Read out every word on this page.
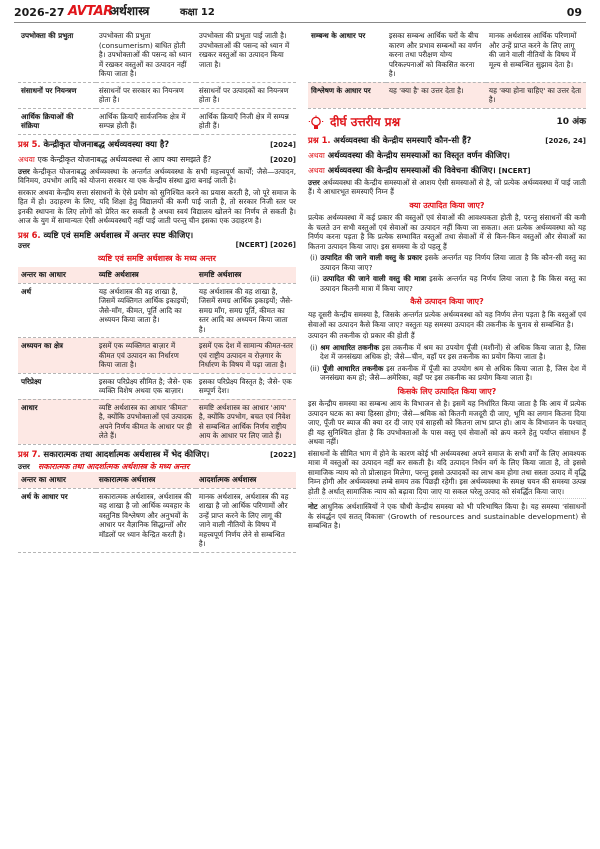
2026-27 AVTAR
अर्थशास्त्र	कक्षा 12	09
उपभोक्ता की प्रभुता	उपभोक्ता की प्रभुता (consumerism) बाधित होती है। उपभोक्ताओं की पसन्द को ध्यान में रखकर वस्तुओं का उत्पादन नहीं किया जाता है।	उपभोक्ता की प्रभुता पाई जाती है। उपभोक्ताओं की पसन्द को ध्यान में रखकर वस्तुओं का उत्पादन किया जाता है।
संसाधनों पर नियन्त्रण	संसाधनों पर सरकार का नियन्त्रण होता है।	संसाधनों पर उत्पादकों का नियन्त्रण होता है।
आर्थिक क्रियाओं की संक्रिया	आर्थिक क्रियाएँ सार्वजनिक क्षेत्र में सम्पन्न होती हैं।	आर्थिक क्रियाएँ निजी क्षेत्र में सम्पन्न होती हैं।
प्रश्न 5. केन्द्रीकृत योजनाबद्ध अर्थव्यवस्था क्या है?	[2024]
अथवा एक केन्द्रीकृत योजनाबद्ध अर्थव्यवस्था से आप क्या समझते हैं?	[2020]
उत्तर केन्द्रीकृत योजनाबद्ध अर्थव्यवस्था के अन्तर्गत अर्थव्यवस्था के सभी महत्त्वपूर्ण कार्यों; जैसे—उत्पादन, विनिमय, उपभोग आदि को योजना सरकार या एक केन्द्रीय संस्था द्वारा बनाई जाती है।
सरकार अथवा केन्द्रीय सत्ता संसाधनों के ऐसे प्रयोग को सुनिश्चित करने का प्रयास करती है, जो पूरे समाज के हित में हो। उदाहरण के लिए, यदि शिक्षा हेतु विद्यालयों की कमी पाई जाती है, तो सरकार निजी स्तर पर इनकी स्थापना के लिए लोगों को प्रेरित कर सकती है अथवा स्वयं विद्यालय खोलने का निर्णय ले सकती है। आज के युग में सामान्यतः ऐसी अर्थव्यवस्थाएँ नहीं पाई जाती परन्तु चीन इसका एक उदाहरण है।
प्रश्न 6. व्यष्टि एवं समष्टि अर्थशास्त्र में अन्तर स्पष्ट कीजिए।
उत्तर	[NCERT] [2026]
व्यष्टि एवं समष्टि अर्थशास्त्र के मध्य अन्तर
अन्तर का आधार	व्यष्टि अर्थशास्त्र	समष्टि अर्थशास्त्र
अर्थ	यह अर्थशास्त्र की वह शाखा है, जिसमें व्यक्तिगत आर्थिक इकाइयों; जैसे-माँग, कीमत, पूर्ति आदि का अध्ययन किया जाता है।	यह अर्थशास्त्र की वह शाखा है, जिसमें समग्र आर्थिक इकाइयों; जैसे-समग्र माँग, समग्र पूर्ति, कीमत का स्तर आदि का अध्ययन किया जाता है।
अध्ययन का क्षेत्र	इसमें एक व्यक्तिगत बाज़ार में कीमत एवं उत्पादन का निर्धारण किया जाता है।	इसमें एक देश में सामान्य कीमत-स्तर एवं राष्ट्रीय उत्पादन व रोज़गार के निर्धारण के विषय में पढ़ा जाता है।
परिप्रेक्ष्य	इसका परिप्रेक्ष्य सीमित है; जैसे- एक व्यक्ति विशेष अथवा एक बाज़ार।	इसका परिप्रेक्ष्य विस्तृत है; जैसे- एक सम्पूर्ण देश।
आधार	व्यष्टि अर्थशास्त्र का आधार 'कीमत' है, क्योंकि उपभोक्ताओं एवं उत्पादक अपने निर्णय कीमत के आधार पर ही लेते हैं।	समष्टि अर्थशास्त्र का आधार 'आय' है, क्योंकि उपभोग, बचत एवं निवेश से सम्बन्धित आर्थिक निर्णय राष्ट्रीय आय के आधार पर लिए जाते हैं।
प्रश्न 7. सकारात्मक तथा आदर्शात्मक अर्थशास्त्र में भेद कीजिए।	[2022]
उत्तर सकारात्मक तथा आदर्शात्मक अर्थशास्त्र के मध्य अन्तर
अन्तर का आधार	सकारात्मक अर्थशास्त्र	आदर्शात्मक अर्थशास्त्र
अर्थ के आधार पर	सकारात्मक अर्थशास्त्र, अर्थशास्त्र की वह शाखा है जो आर्थिक व्यवहार के वस्तुनिष्ठ विश्लेषण और अनुभवों के आधार पर वैज्ञानिक सिद्धान्तों और मॉडलों पर ध्यान केन्द्रित करती है।	मानक अर्थशास्त्र, अर्थशास्त्र की वह शाखा है जो आर्थिक परिणामों और उन्हें प्राप्त करने के लिए लागू की जाने वाली नीतियों के विषय में महत्त्वपूर्ण निर्णय लेने से सम्बन्धित है।
सम्बन्ध के आधार पर	इसका सम्बन्ध आर्थिक चरों के बीच कारण और प्रभाव सम्बन्धों का वर्णन करना तथा परीक्षण योग्य परिकल्पनाओं को विकसित करना है।	मानक अर्थशास्त्र आर्थिक परिणामों और उन्हें प्राप्त करने के लिए लागू की जाने वाली नीतियों के विषय में मूल्य से सम्बन्धित सुझाव देता है।
विश्लेषण के आधार पर	यह 'क्या है' का उत्तर देता है।	यह 'क्या होना चाहिए' का उत्तर देता है।
दीर्घ उत्तरीय प्रश्न	10 अंक
प्रश्न 1. अर्थव्यवस्था की केन्द्रीय समस्याएँ कौन-सी हैं?	[2026, 24]
अथवा अर्थव्यवस्था की केन्द्रीय समस्याओं का विस्तृत वर्णन कीजिए।
अथवा अर्थव्यवस्था की केन्द्रीय समस्याओं की विवेचना कीजिए। [NCERT]
उत्तर अर्थव्यवस्था की केन्द्रीय समस्याओं से आशय ऐसी समस्याओं से है, जो प्रत्येक अर्थव्यवस्था में पाई जाती हैं। ये आधारभूत समस्याएँ निम्न हैं
क्या उत्पादित किया जाए?
प्रत्येक अर्थव्यवस्था में कई प्रकार की वस्तुओं एवं सेवाओं की आवश्यकता होती है, परन्तु संसाधनों की कमी के चलते उन सभी वस्तुओं एवं सेवाओं का उत्पादन नहीं किया जा सकता। अतः प्रत्येक अर्थव्यवस्था को यह निर्णय करना पड़ता है कि प्रत्येक सम्भावित वस्तुओं तथा सेवाओं में से किन-किन वस्तुओं और सेवाओं का कितना उत्पादन किया जाए। इस समस्या के दो पहलू हैं
(i) उत्पादित की जाने वाली वस्तु के प्रकार इसके अन्तर्गत यह निर्णय लिया जाता है कि कौन-सी वस्तु का उत्पादन किया जाए?
(ii) उत्पादित की जाने वाली वस्तु की मात्रा इसके अन्तर्गत यह निर्णय लिया जाता है कि किस वस्तु का उत्पादन कितनी मात्रा में किया जाए?
कैसे उत्पादन किया जाए?
यह दूसरी केन्द्रीय समस्या है, जिसके अन्तर्गत प्रत्येक अर्थव्यवस्था को यह निर्णय लेना पड़ता है कि वस्तुओं एवं सेवाओं का उत्पादन कैसे किया जाए? वस्तुतः यह समस्या उत्पादन की तकनीक के चुनाव से सम्बन्धित है।
उत्पादन की तकनीक दो प्रकार की होती हैं
(i) श्रम आधारित तकनीक इस तकनीक में श्रम का उपयोग पूँजी (मशीनों) से अधिक किया जाता है, जिस देश में जनसंख्या अधिक हो; जैसे—चीन, वहाँ पर इस तकनीक का प्रयोग किया जाता है।
(ii) पूँजी आधारित तकनीक इस तकनीक में पूँजी का उपयोग श्रम से अधिक किया जाता है, जिस देश में जनसंख्या कम हो; जैसे—अमेरिका, वहाँ पर इस तकनीक का प्रयोग किया जाता है।
किसके लिए उत्पादित किया जाए?
इस केन्द्रीय समस्या का सम्बन्ध आय के विभाजन से है। इसमें यह निर्धारित किया जाता है कि आय में प्रत्येक उत्पादन घटक का क्या हिस्सा होगा; जैसे—श्रमिक को कितनी मजदूरी दी जाए, भूमि का लगान कितना दिया जाए, पूँजी पर ब्याज की क्या दर दी जाए एवं साहसी को कितना लाभ प्राप्त हो। आय के विभाजन के पश्चात् ही यह सुनिश्चित होता है कि उपभोक्ताओं के पास वस्तु एवं सेवाओं को क्रय करने हेतु पर्याप्त संसाधन हैं अथवा नहीं।
संसाधनों के सीमित भाग में होने के कारण कोई भी अर्थव्यवस्था अपने समाज के सभी वर्गों के लिए आवश्यक मात्रा में वस्तुओं का उत्पादन नहीं कर सकती है। यदि उत्पादन निर्धन वर्ग के लिए किया जाता है, तो इससे सामाजिक न्याय को तो प्रोत्साहन मिलेगा, परन्तु इससे उत्पादकों का लाभ कम होगा तथा सस्ता उत्पाद में वृद्धि निम्न होगी और अर्थव्यवस्था लम्बे समय तक पिछड़ी रहेगी। इस अर्थव्यवस्था के समक्ष चयन की समस्या उत्पन्न होती है अर्थात् सामाजिक न्याय को बढ़ावा दिया जाए या सकल घरेलू उत्पाद को संवर्द्धित किया जाए।
नोट आधुनिक अर्थशास्त्रियों ने एक चौथी केन्द्रीय समस्या को भी परिभाषित किया है। यह समस्या 'संसाधनों के संवर्द्धन एवं सतत् विकास' (Growth of resources and sustainable development) से सम्बन्धित है।
